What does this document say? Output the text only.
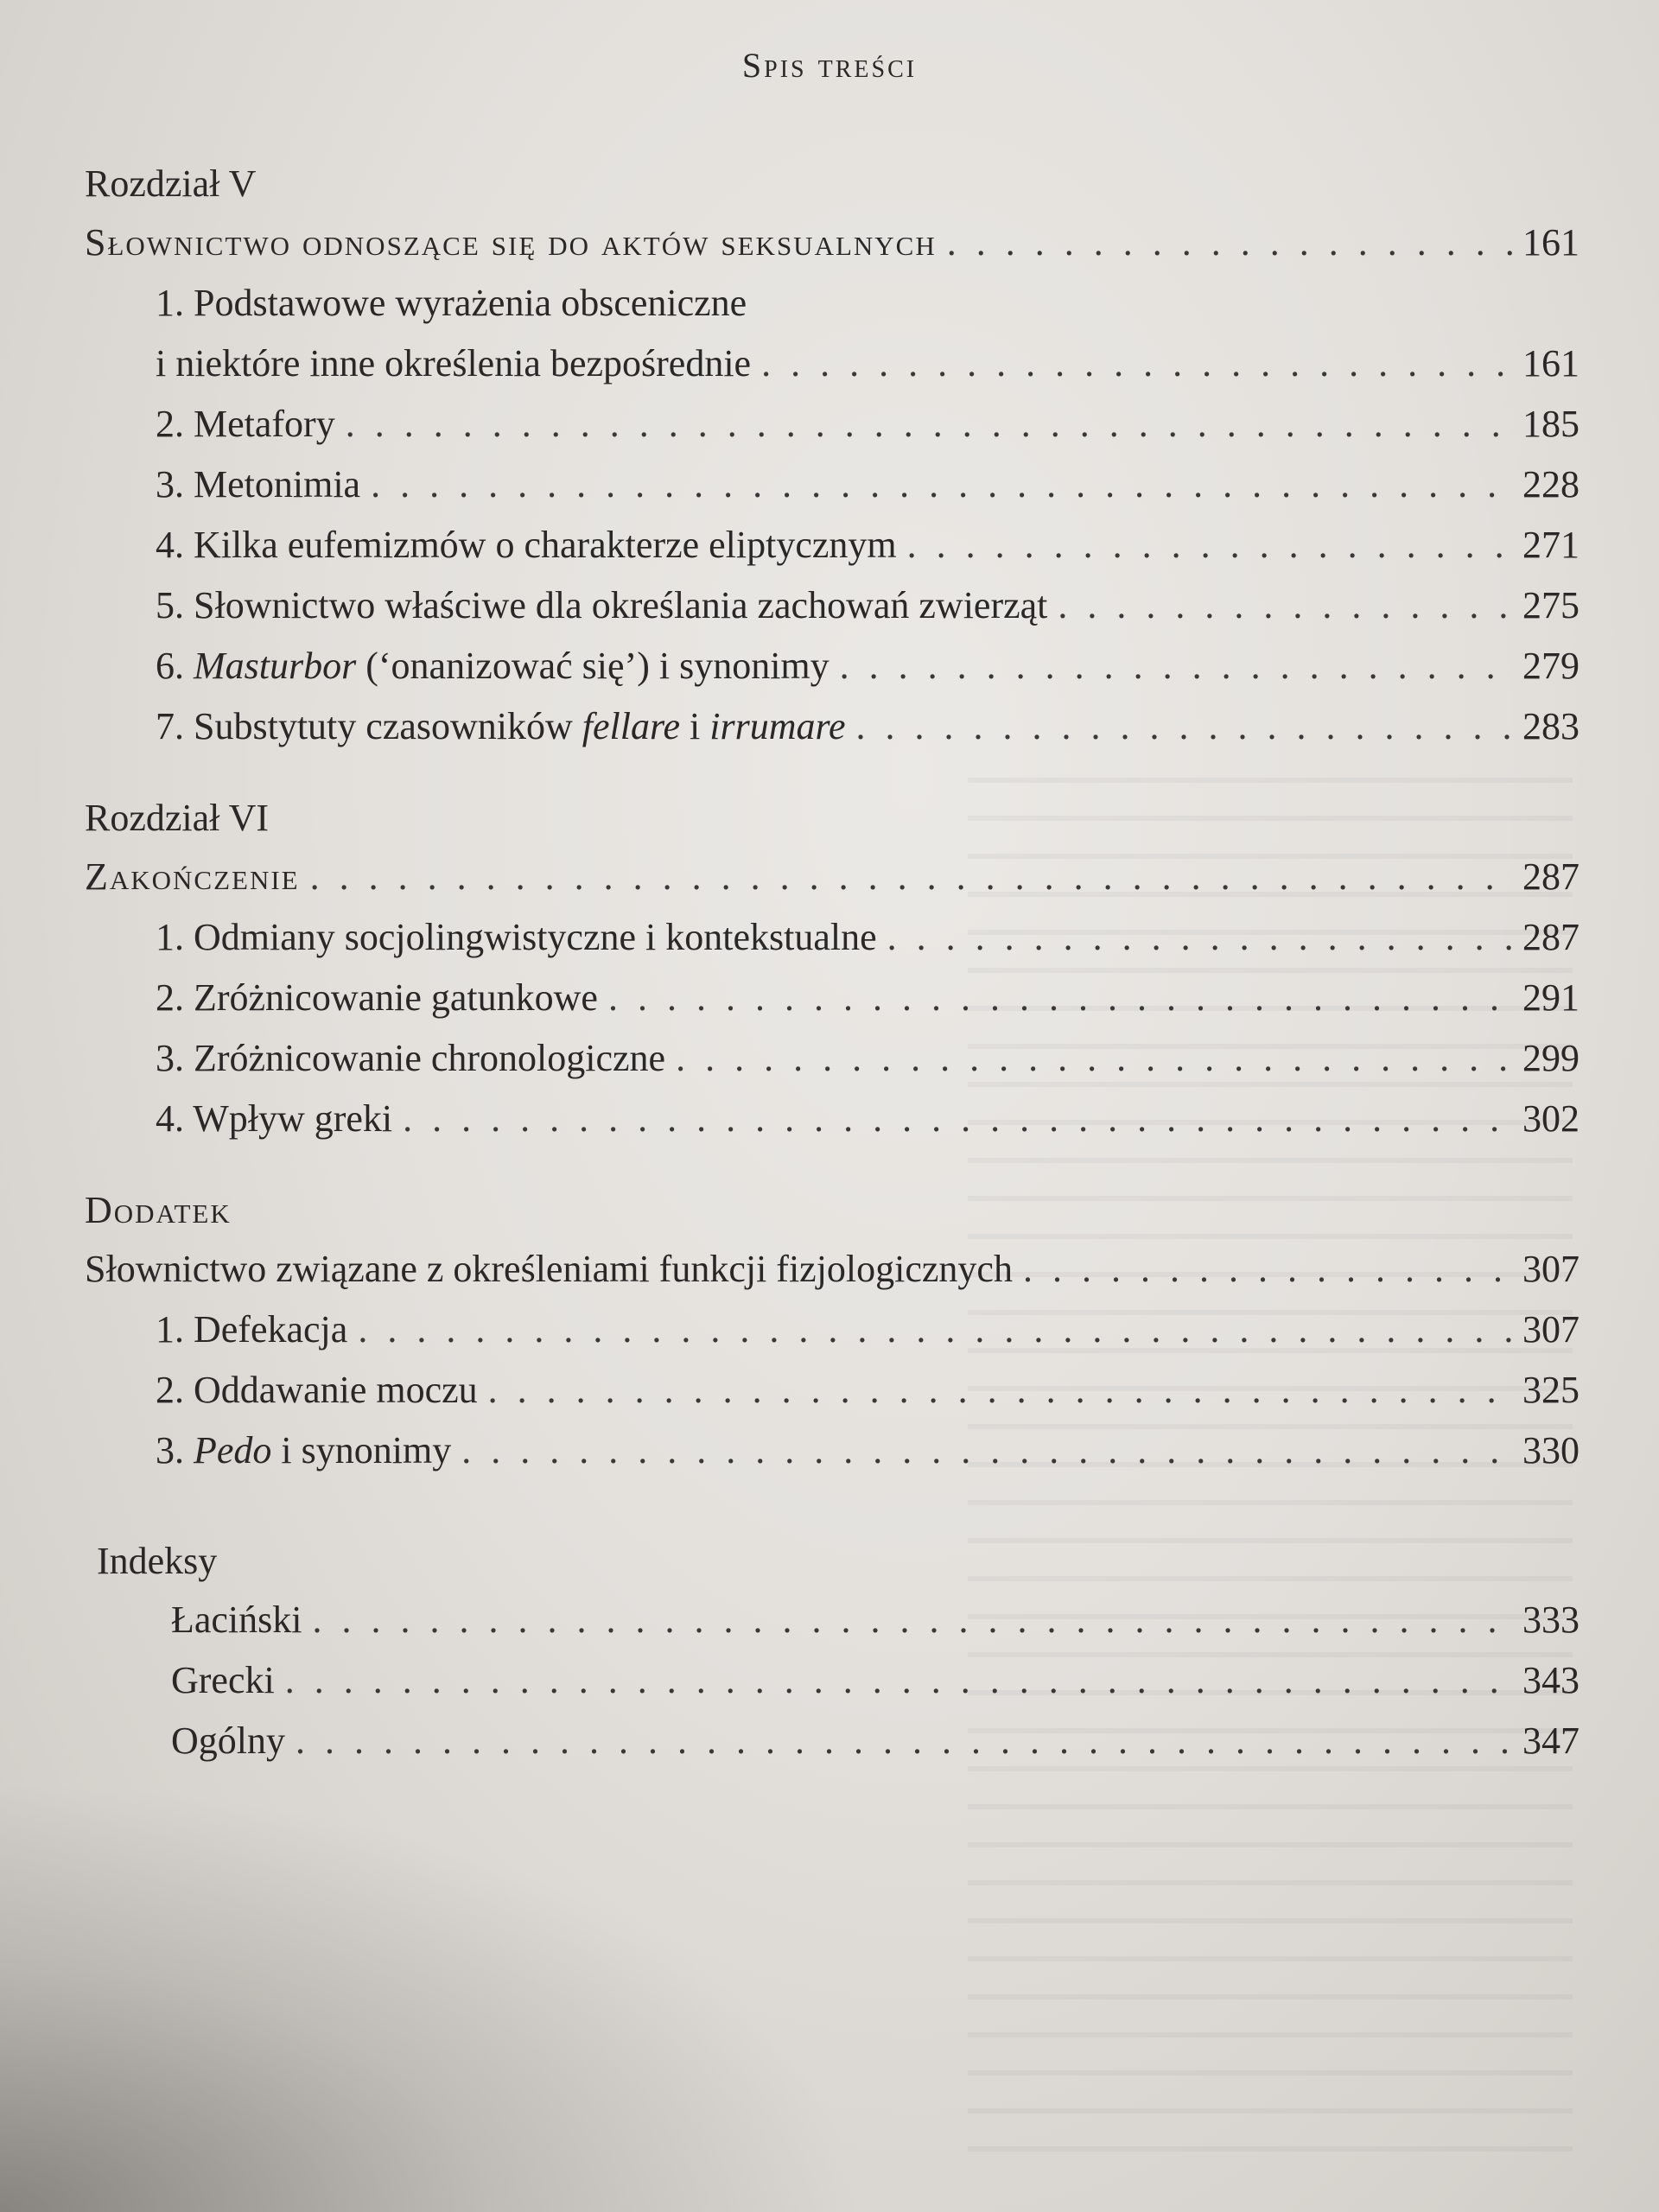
Spis treści
Rozdział V
Słownictwo odnoszące się do aktów seksualnych . . .	161
1. Podstawowe wyrażenia obsceniczne
i niektóre inne określenia bezpośrednie . . .	161
2. Metafory . . .	185
3. Metonimia . . .	228
4. Kilka eufemizmów o charakterze eliptycznym . . .	271
5. Słownictwo właściwe dla określania zachowań zwierząt . . .	275
6. Masturbor (‘onanizować się’) i synonimy . . .	279
7. Substytuty czasowników fellare i irrumare . . .	283
Rozdział VI
Zakończenie . . .	287
1. Odmiany socjolingwistyczne i kontekstualne . . .	287
2. Zróżnicowanie gatunkowe . . .	291
3. Zróżnicowanie chronologiczne . . .	299
4. Wpływ greki . . .	302
Dodatek
Słownictwo związane z określeniami funkcji fizjologicznych . . .	307
1. Defekacja . . .	307
2. Oddawanie moczu . . .	325
3. Pedo i synonimy . . .	330
Indeksy
Łaciński . . .	333
Grecki . . .	343
Ogólny . . .	347
